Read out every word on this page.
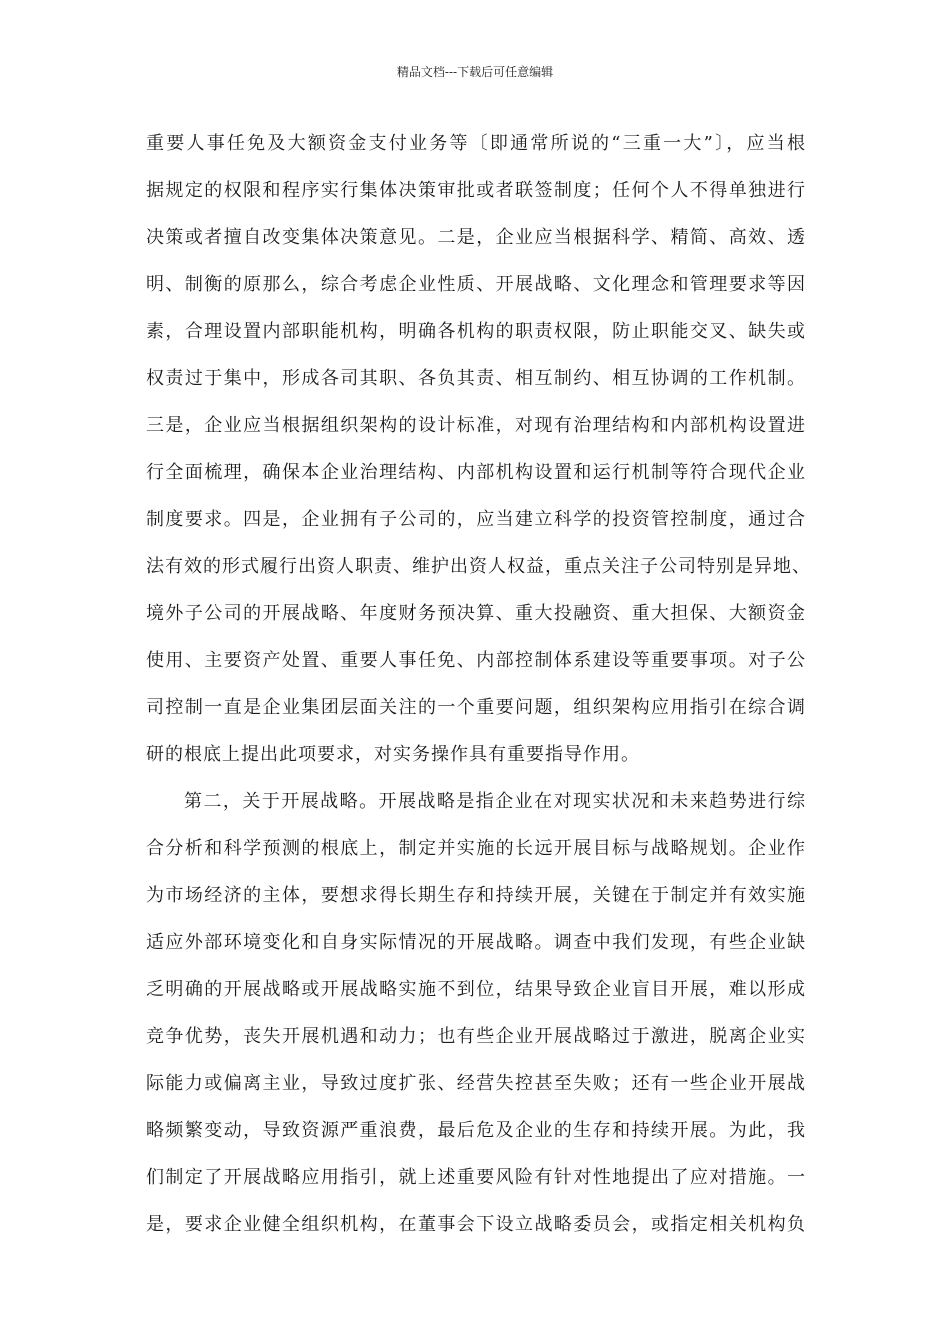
精品文档---下载后可任意编辑
重要人事任免及大额资金支付业务等〔即通常所说的“三重一大”〕，应当根
据规定的权限和程序实行集体决策审批或者联签制度；任何个人不得单独进行
决策或者擅自改变集体决策意见。二是，企业应当根据科学、精简、高效、透
明、制衡的原那么，综合考虑企业性质、开展战略、文化理念和管理要求等因
素，合理设置内部职能机构，明确各机构的职责权限，防止职能交叉、缺失或
权责过于集中，形成各司其职、各负其责、相互制约、相互协调的工作机制。
三是，企业应当根据组织架构的设计标准，对现有治理结构和内部机构设置进
行全面梳理，确保本企业治理结构、内部机构设置和运行机制等符合现代企业
制度要求。四是，企业拥有子公司的，应当建立科学的投资管控制度，通过合
法有效的形式履行出资人职责、维护出资人权益，重点关注子公司特别是异地、
境外子公司的开展战略、年度财务预决算、重大投融资、重大担保、大额资金
使用、主要资产处置、重要人事任免、内部控制体系建设等重要事项。对子公
司控制一直是企业集团层面关注的一个重要问题，组织架构应用指引在综合调
研的根底上提出此项要求，对实务操作具有重要指导作用。
第二，关于开展战略。开展战略是指企业在对现实状况和未来趋势进行综
合分析和科学预测的根底上，制定并实施的长远开展目标与战略规划。企业作
为市场经济的主体，要想求得长期生存和持续开展，关键在于制定并有效实施
适应外部环境变化和自身实际情况的开展战略。调查中我们发现，有些企业缺
乏明确的开展战略或开展战略实施不到位，结果导致企业盲目开展，难以形成
竞争优势，丧失开展机遇和动力；也有些企业开展战略过于激进，脱离企业实
际能力或偏离主业，导致过度扩张、经营失控甚至失败；还有一些企业开展战
略频繁变动，导致资源严重浪费，最后危及企业的生存和持续开展。为此，我
们制定了开展战略应用指引，就上述重要风险有针对性地提出了应对措施。一
是，要求企业健全组织机构，在董事会下设立战略委员会，或指定相关机构负
